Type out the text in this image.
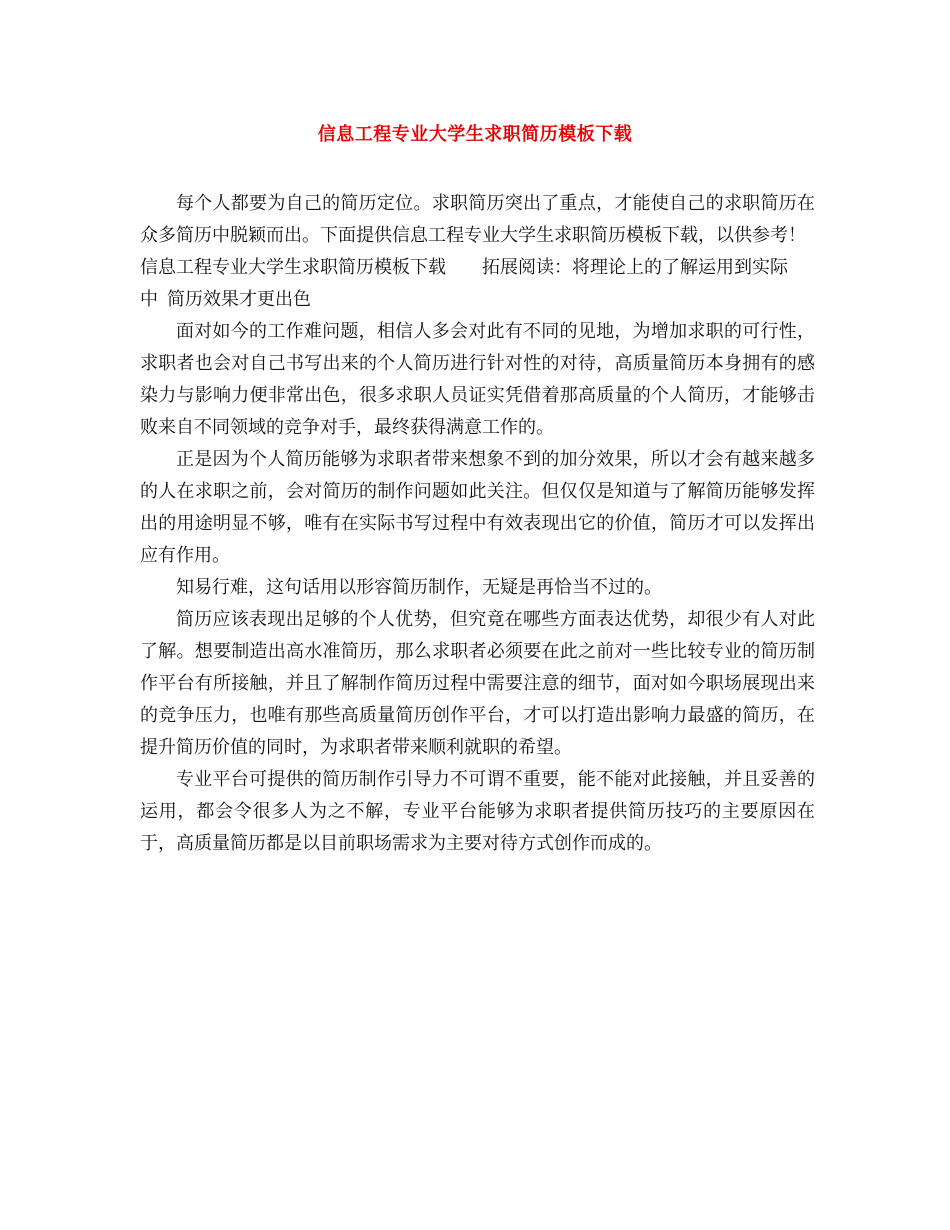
信息工程专业大学生求职简历模板下载

每个人都要为自己的简历定位。求职简历突出了重点，才能使自己的求职简历在众多简历中脱颖而出。下面提供信息工程专业大学生求职简历模板下载，以供参考！

信息工程专业大学生求职简历模板下载 拓展阅读：将理论上的了解运用到实际
中 简历效果才更出色

面对如今的工作难问题，相信人多会对此有不同的见地，为增加求职的可行性，求职者也会对自己书写出来的个人简历进行针对性的对待，高质量简历本身拥有的感染力与影响力便非常出色，很多求职人员证实凭借着那高质量的个人简历，才能够击败来自不同领域的竞争对手，最终获得满意工作的。

正是因为个人简历能够为求职者带来想象不到的加分效果，所以才会有越来越多的人在求职之前，会对简历的制作问题如此关注。但仅仅是知道与了解简历能够发挥出的用途明显不够，唯有在实际书写过程中有效表现出它的价值，简历才可以发挥出应有作用。

知易行难，这句话用以形容简历制作，无疑是再恰当不过的。

简历应该表现出足够的个人优势，但究竟在哪些方面表达优势，却很少有人对此了解。想要制造出高水准简历，那么求职者必须要在此之前对一些比较专业的简历制作平台有所接触，并且了解制作简历过程中需要注意的细节，面对如今职场展现出来的竞争压力，也唯有那些高质量简历创作平台，才可以打造出影响力最盛的简历，在提升简历价值的同时，为求职者带来顺利就职的希望。

专业平台可提供的简历制作引导力不可谓不重要，能不能对此接触，并且妥善的运用，都会令很多人为之不解，专业平台能够为求职者提供简历技巧的主要原因在于，高质量简历都是以目前职场需求为主要对待方式创作而成的。
